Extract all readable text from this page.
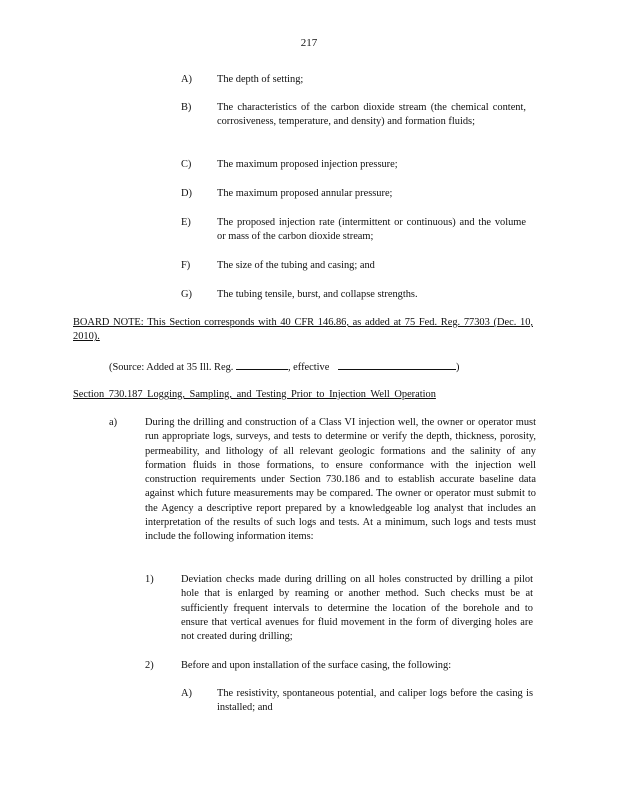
217
A) The depth of setting;
B) The characteristics of the carbon dioxide stream (the chemical content, corrosiveness, temperature, and density) and formation fluids;
C) The maximum proposed injection pressure;
D) The maximum proposed annular pressure;
E)	The proposed injection rate (intermittent or continuous) and the volume or mass of the carbon dioxide stream;
F)	The size of the tubing and casing; and
G) The tubing tensile, burst, and collapse strengths.
BOARD NOTE: This Section corresponds with 40 CFR 146.86, as added at 75 Fed. Reg. 77303 (Dec. 10, 2010).
(Source: Added at 35 Ill. Reg.	, effective	)
Section 730.187 Logging, Sampling, and Testing Prior to Injection Well Operation
a)	During the drilling and construction of a Class VI injection well, the owner or operator must run appropriate logs, surveys, and tests to determine or verify the depth, thickness, porosity, permeability, and lithology of all relevant geologic formations and the salinity of any formation fluids in those formations, to ensure conformance with the injection well construction requirements under Section 730.186 and to establish accurate baseline data against which future measurements may be compared. The owner or operator must submit to the Agency a descriptive report prepared by a knowledgeable log analyst that includes an interpretation of the results of such logs and tests. At a minimum, such logs and tests must include the following information items:
1)	Deviation checks made during drilling on all holes constructed by drilling a pilot hole that is enlarged by reaming or another method. Such checks must be at sufficiently frequent intervals to determine the location of the borehole and to ensure that vertical avenues for fluid movement in the form of diverging holes are not created during drilling;
2)	Before and upon installation of the surface casing, the following:
A) The resistivity, spontaneous potential, and caliper logs before the casing is installed; and
